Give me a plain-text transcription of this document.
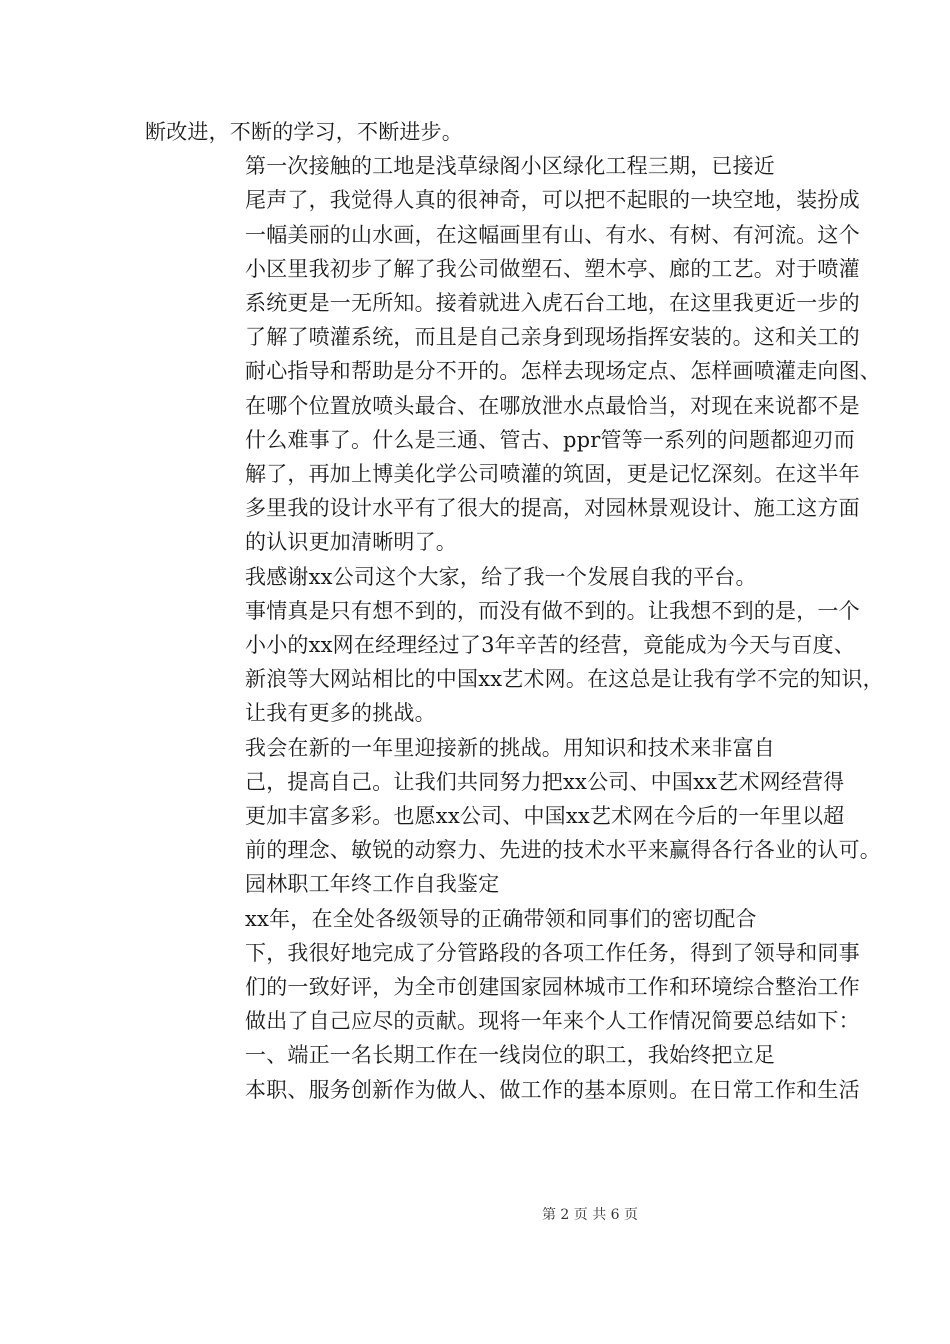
断改进，不断的学习，不断进步。
第一次接触的工地是浅草绿阁小区绿化工程三期，已接近
尾声了，我觉得人真的很神奇，可以把不起眼的一块空地，装扮成
一幅美丽的山水画，在这幅画里有山、有水、有树、有河流。这个
小区里我初步了解了我公司做塑石、塑木亭、廊的工艺。对于喷灌
系统更是一无所知。接着就进入虎石台工地，在这里我更近一步的
了解了喷灌系统，而且是自己亲身到现场指挥安装的。这和关工的
耐心指导和帮助是分不开的。怎样去现场定点、怎样画喷灌走向图、
在哪个位置放喷头最合、在哪放泄水点最恰当，对现在来说都不是
什么难事了。什么是三通、管古、ppr管等一系列的问题都迎刃而
解了，再加上博美化学公司喷灌的筑固，更是记忆深刻。在这半年
多里我的设计水平有了很大的提高，对园林景观设计、施工这方面
的认识更加清晰明了。
我感谢xx公司这个大家，给了我一个发展自我的平台。
事情真是只有想不到的，而没有做不到的。让我想不到的是，一个
小小的xx网在经理经过了3年辛苦的经营，竟能成为今天与百度、
新浪等大网站相比的中国xx艺术网。在这总是让我有学不完的知识，
让我有更多的挑战。
我会在新的一年里迎接新的挑战。用知识和技术来非富自
己，提高自己。让我们共同努力把xx公司、中国xx艺术网经营得
更加丰富多彩。也愿xx公司、中国xx艺术网在今后的一年里以超
前的理念、敏锐的动察力、先进的技术水平来赢得各行各业的认可。
园林职工年终工作自我鉴定
xx年，在全处各级领导的正确带领和同事们的密切配合
下，我很好地完成了分管路段的各项工作任务，得到了领导和同事
们的一致好评，为全市创建国家园林城市工作和环境综合整治工作
做出了自己应尽的贡献。现将一年来个人工作情况简要总结如下：
一、端正一名长期工作在一线岗位的职工，我始终把立足
本职、服务创新作为做人、做工作的基本原则。在日常工作和生活
第 2 页 共 6 页
